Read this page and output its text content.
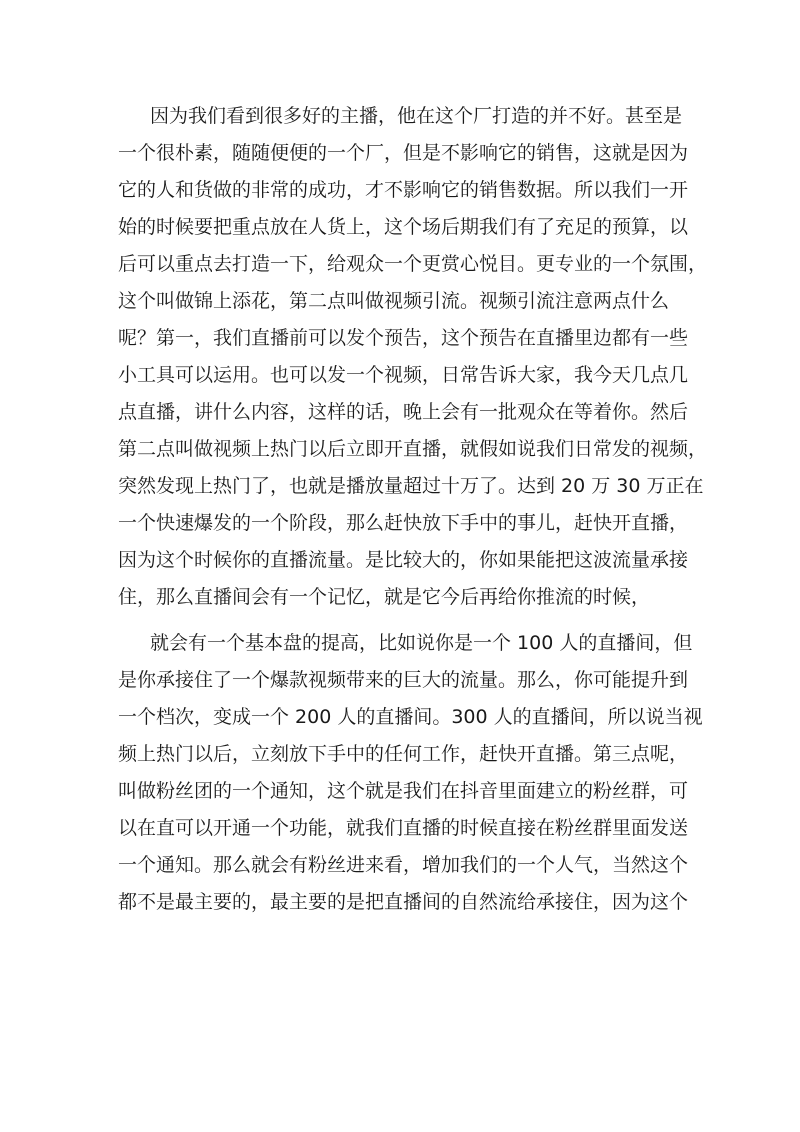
因为我们看到很多好的主播，他在这个厂打造的并不好。甚至是
一个很朴素，随随便便的一个厂，但是不影响它的销售，这就是因为
它的人和货做的非常的成功，才不影响它的销售数据。所以我们一开
始的时候要把重点放在人货上，这个场后期我们有了充足的预算，以
后可以重点去打造一下，给观众一个更赏心悦目。更专业的一个氛围，
这个叫做锦上添花，第二点叫做视频引流。视频引流注意两点什么
呢？第一，我们直播前可以发个预告，这个预告在直播里边都有一些
小工具可以运用。也可以发一个视频，日常告诉大家，我今天几点几
点直播，讲什么内容，这样的话，晚上会有一批观众在等着你。然后
第二点叫做视频上热门以后立即开直播，就假如说我们日常发的视频，
突然发现上热门了，也就是播放量超过十万了。达到 20 万 30 万正在
一个快速爆发的一个阶段，那么赶快放下手中的事儿，赶快开直播，
因为这个时候你的直播流量。是比较大的，你如果能把这波流量承接
住，那么直播间会有一个记忆，就是它今后再给你推流的时候，
就会有一个基本盘的提高，比如说你是一个 100 人的直播间，但
是你承接住了一个爆款视频带来的巨大的流量。那么，你可能提升到
一个档次，变成一个 200 人的直播间。300 人的直播间，所以说当视
频上热门以后，立刻放下手中的任何工作，赶快开直播。第三点呢，
叫做粉丝团的一个通知，这个就是我们在抖音里面建立的粉丝群，可
以在直可以开通一个功能，就我们直播的时候直接在粉丝群里面发送
一个通知。那么就会有粉丝进来看，增加我们的一个人气，当然这个
都不是最主要的，最主要的是把直播间的自然流给承接住，因为这个
